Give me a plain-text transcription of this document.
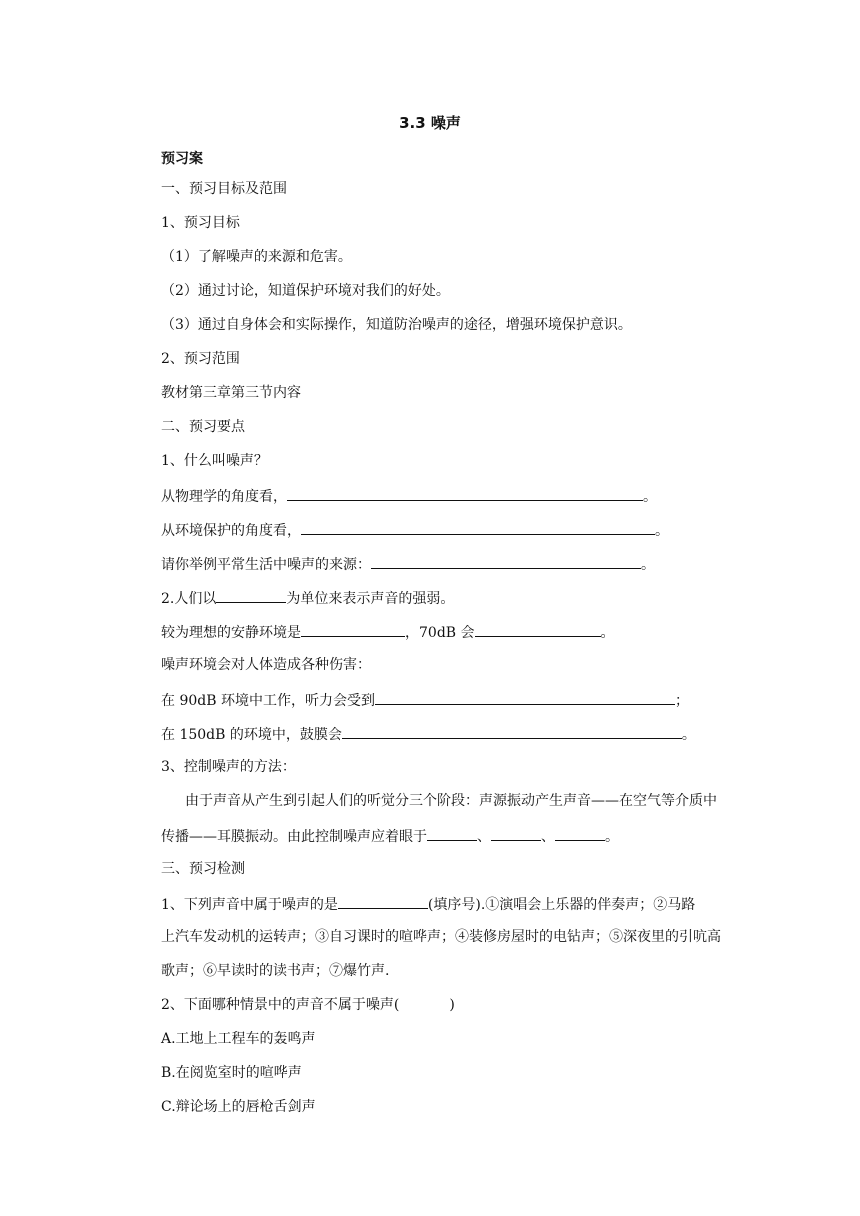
3.3 噪声
预习案
一、预习目标及范围
1、预习目标
（1）了解噪声的来源和危害。
（2）通过讨论，知道保护环境对我们的好处。
（3）通过自身体会和实际操作，知道防治噪声的途径，增强环境保护意识。
2、预习范围
教材第三章第三节内容
二、预习要点
1、什么叫噪声？
从物理学的角度看，	。
从环境保护的角度看，	。
请你举例平常生活中噪声的来源：	。
2.人们以	为单位来表示声音的强弱。
较为理想的安静环境是	，70dB 会	。
噪声环境会对人体造成各种伤害：
在 90dB 环境中工作，听力会受到	；
在 150dB 的环境中，鼓膜会	。
3、控制噪声的方法：
由于声音从产生到引起人们的听觉分三个阶段：声源振动产生声音——在空气等介质中
传播——耳膜振动。由此控制噪声应着眼于	、	、	。
三、预习检测
1、下列声音中属于噪声的是	(填序号).①演唱会上乐器的伴奏声；②马路
上汽车发动机的运转声；③自习课时的喧哗声；④装修房屋时的电钻声；⑤深夜里的引吭高
歌声；⑥早读时的读书声；⑦爆竹声.
2、下面哪种情景中的声音不属于噪声(	)
A.工地上工程车的轰鸣声
B.在阅览室时的喧哗声
C.辩论场上的唇枪舌剑声
